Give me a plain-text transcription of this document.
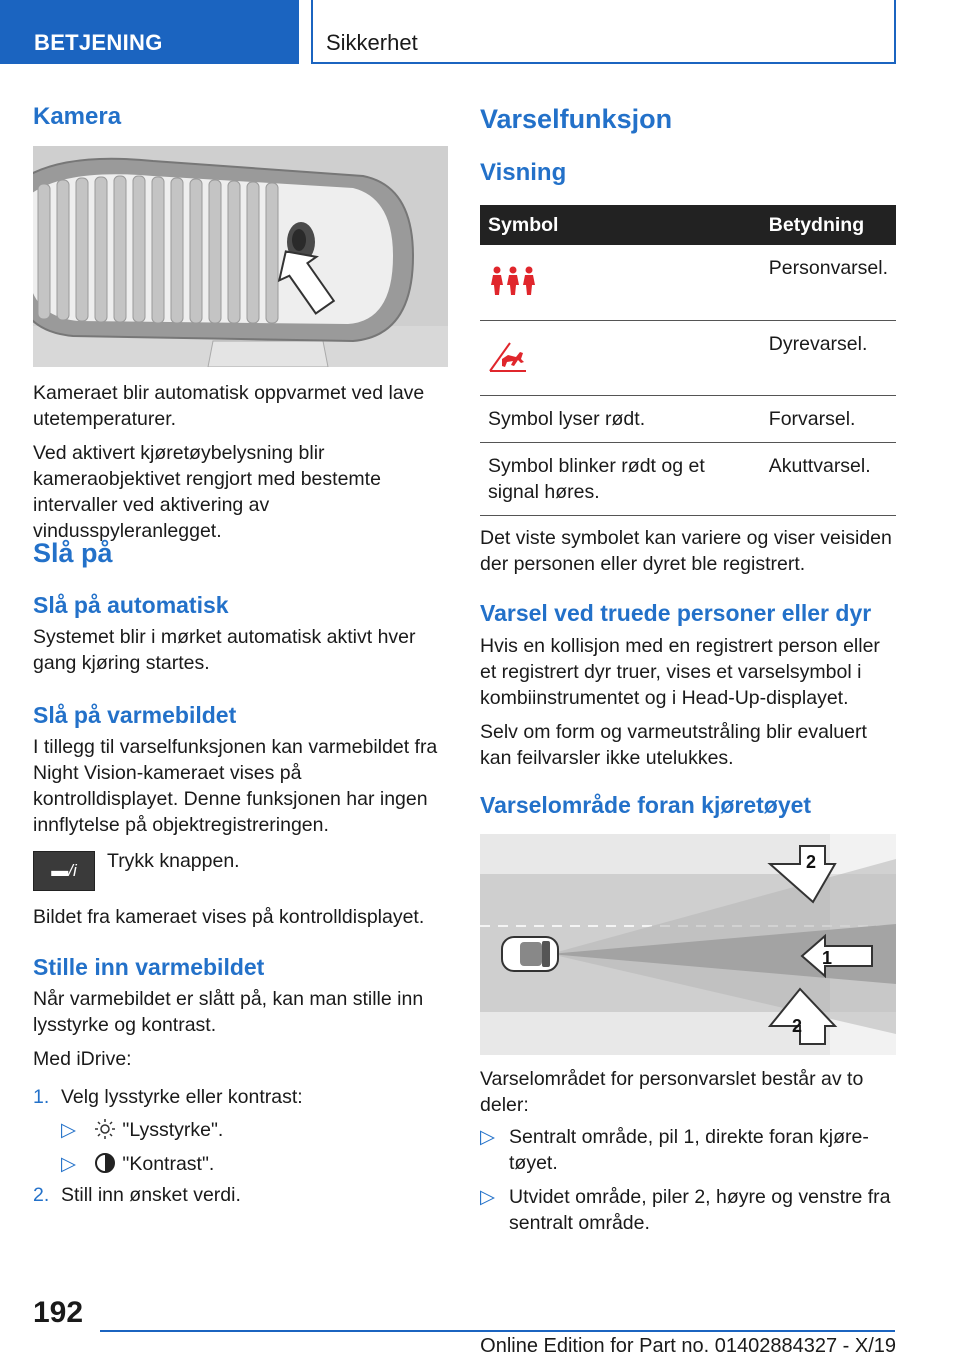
BETJENING	Sikkerhet
Kamera

Kameraet blir automatisk oppvarmet ved lave utetemperaturer.

Ved aktivert kjøretøybelysning blir kameraobjektivet rengjort med bestemte intervaller ved aktivering av vindusspyleranlegget.

Slå på
Slå på automatisk

Systemet blir i mørket automatisk aktivt hver gang kjøring startes.

Slå på varmebildet

I tillegg til varselfunksjonen kan varmebildet fra Night Vision-kameraet vises på kontrolldisplayet. Denne funksjonen har ingen innflytelse på objektregistreringen.

▬/i	Trykk knappen.

Bildet fra kameraet vises på kontrolldisplayet.

Stille inn varmebildet

Når varmebildet er slått på, kan man stille inn lysstyrke og kontrast.

Med iDrive:

1. Velg lysstyrke eller kontrast:

▷ "Lysstyrke".

▷ "Kontrast".

2. Still inn ønsket verdi.

Varselfunksjon
Visning
Symbol	Betydning
	Personvarsel.
	Dyrevarsel.
Symbol lyser rødt.	Forvarsel.
Symbol blinker rødt og et signal høres.	Akuttvarsel.

Det viste symbolet kan variere og viser veisiden der personen eller dyret ble registrert.

Varsel ved truede personer eller dyr

Hvis en kollisjon med en registrert person eller et registrert dyr truer, vises et varselsymbol i kombiinstrumentet og i Head-Up-displayet.

Selv om form og varmeutstråling blir evaluert kan feilvarsler ikke utelukkes.

Varselområde foran kjøretøyet
1
2
2

Varselområdet for personvarslet består av to deler:

▷ Sentralt område, pil 1, direkte foran kjøretøyet.

▷ Utvidet område, piler 2, høyre og venstre fra sentralt område.

192
Online Edition for Part no. 01402884327 - X/19
